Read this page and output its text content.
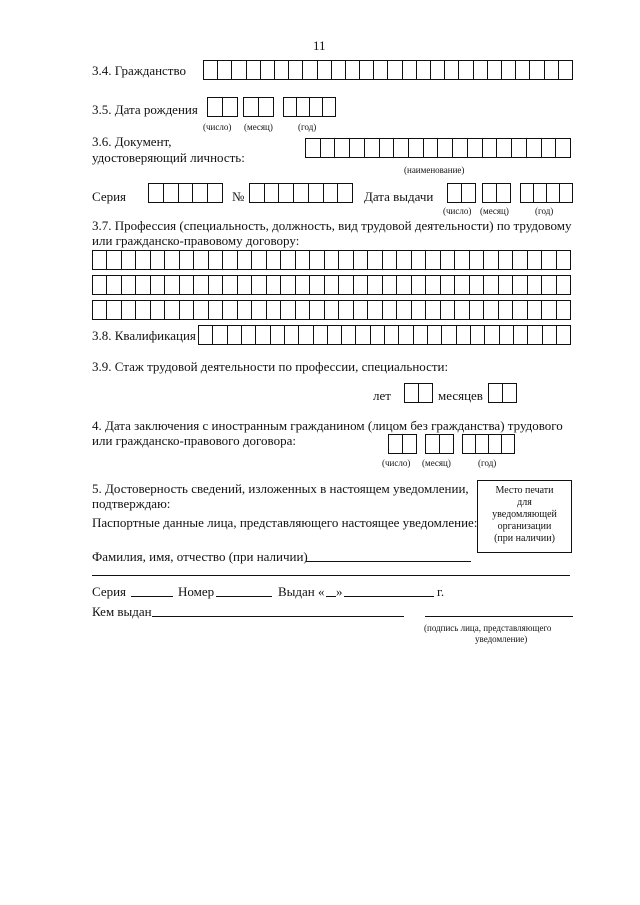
11
3.4. Гражданство
3.5. Дата рождения
(число) (месяц)	(год)
3.6. Документ,
удостоверяющий личность:
(наименование)
Серия	№	Дата выдачи
(число) (месяц)	(год)
3.7. Профессия (специальность, должность, вид трудовой деятельности) по трудовому
или гражданско-правовому договору:
3.8. Квалификация
3.9. Стаж трудовой деятельности по профессии, специальности:
лет	месяцев
4. Дата заключения с иностранным гражданином (лицом без гражданства) трудового
или гражданско-правового договора:
(число) (месяц)	(год)
5. Достоверность сведений, изложенных в настоящем уведомлении,
подтверждаю:
Паспортные данные лица, представляющего настоящее уведомление:
Фамилия, имя, отчество (при наличии)
Место печати
для
уведомляющей
организации
(при наличии)
Серия	Номер	Выдан « »	г.
Кем выдан
(подпись лица, представляющего
уведомление)
